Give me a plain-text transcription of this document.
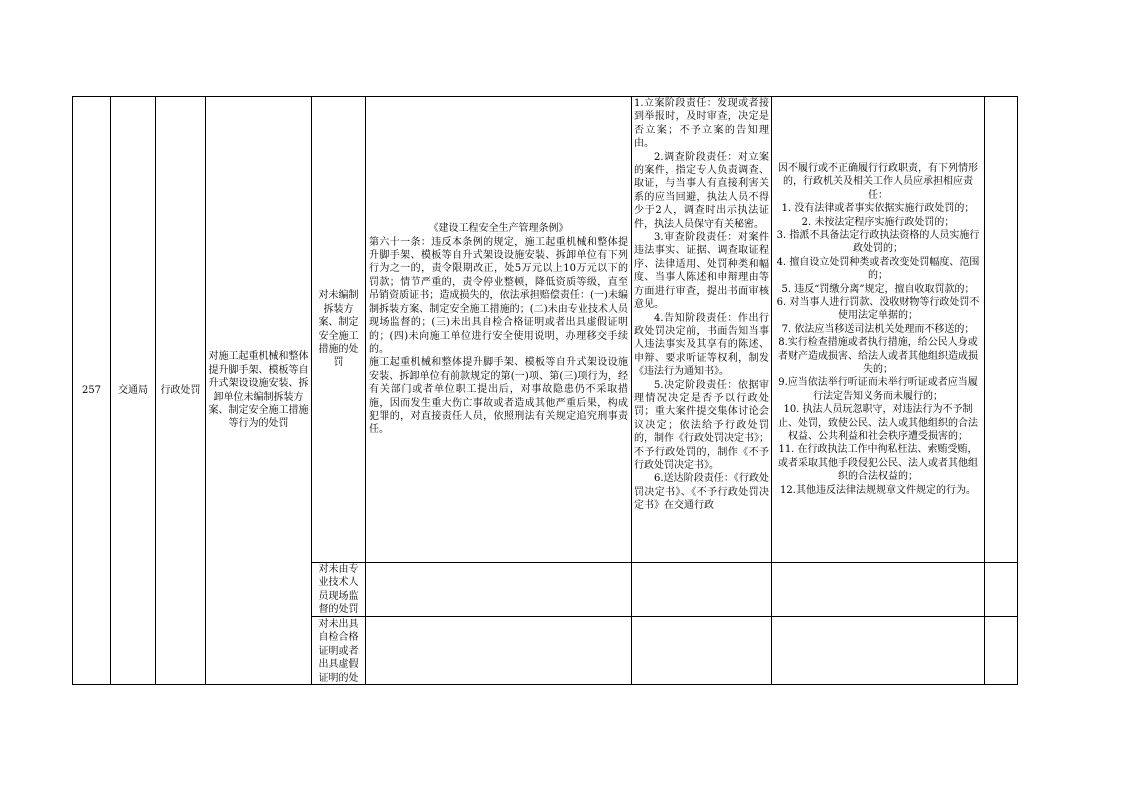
257 交通局 行政处罚
对施工起重机械和整体提升脚手架、模板等自升式架设设施安装、拆卸单位未编制拆装方案、制定安全施工措施等行为的处罚
对未编制拆装方案、制定安全施工措施的处罚
对未由专业技术人员现场监督的处罚
对未出具自检合格证明或者出具虚假证明的处

《建设工程安全生产管理条例》

第六十一条：违反本条例的规定，施工起重机械和整体提升脚手架、模板等自升式架设设施安装、拆卸单位有下列行为之一的，责令限期改正，处5万元以上10万元以下的罚款；情节严重的，责令停业整顿，降低资质等级，直至吊销资质证书；造成损失的，依法承担赔偿责任：(一)未编制拆装方案、制定安全施工措施的；(二)未由专业技术人员现场监督的；(三)未出具自检合格证明或者出具虚假证明的；(四)未向施工单位进行安全使用说明，办理移交手续的。

施工起重机械和整体提升脚手架、模板等自升式架设设施安装、拆卸单位有前款规定的第(一)项、第(三)项行为，经有关部门或者单位职工提出后，对事故隐患仍不采取措施，因而发生重大伤亡事故或者造成其他严重后果，构成犯罪的，对直接责任人员，依照刑法有关规定追究刑事责任。

1.立案阶段责任：发现或者接到举报时，及时审查，决定是否立案；不予立案的告知理由。

2.调查阶段责任：对立案的案件，指定专人负责调查、取证，与当事人有直接利害关系的应当回避，执法人员不得少于2人，调查时出示执法证件，执法人员保守有关秘密。

3.审查阶段责任：对案件违法事实、证据、调查取证程序、法律适用、处罚种类和幅度、当事人陈述和申辩理由等方面进行审查，提出书面审核意见。

4.告知阶段责任：作出行政处罚决定前，书面告知当事人违法事实及其享有的陈述、申辩、要求听证等权利，制发《违法行为通知书》。

5.决定阶段责任：依据审理情况决定是否予以行政处罚；重大案件提交集体讨论会议决定；依法给予行政处罚的，制作《行政处罚决定书》；不予行政处罚的，制作《不予行政处罚决定书》。

6.送达阶段责任：《行政处罚决定书》、《不予行政处罚决定书》在交通行政

因不履行或不正确履行行政职责，有下列情形的，行政机关及相关工作人员应承担相应责任：

1. 没有法律或者事实依据实施行政处罚的；

2. 未按法定程序实施行政处罚的；

3. 指派不具备法定行政执法资格的人员实施行政处罚的；

4. 擅自设立处罚种类或者改变处罚幅度、范围的；

5. 违反“罚缴分离”规定，擅自收取罚款的；

6. 对当事人进行罚款、没收财物等行政处罚不使用法定单据的；

7. 依法应当移送司法机关处理而不移送的；

8.实行检查措施或者执行措施，给公民人身或者财产造成损害、给法人或者其他组织造成损失的；

9.应当依法举行听证而未举行听证或者应当履行法定告知义务而未履行的；

10. 执法人员玩忽职守，对违法行为不予制止、处罚，致使公民、法人或其他组织的合法权益、公共利益和社会秩序遭受损害的；

11. 在行政执法工作中徇私枉法、索贿受贿，或者采取其他手段侵犯公民、法人或者其他组织的合法权益的；

12.其他违反法律法规规章文件规定的行为。
